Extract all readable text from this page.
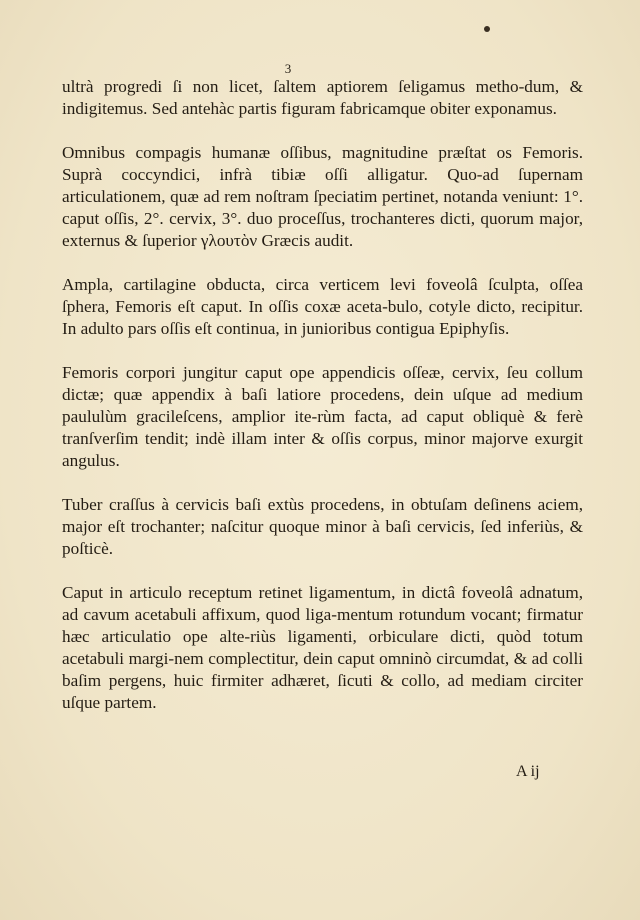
3

ultrà progredi ſi non licet, ſaltem aptiorem ſeligamus metho-dum, & indigitemus. Sed antehàc partis figuram fabricamque obiter exponamus.

Omnibus compagis humanæ oſſibus, magnitudine præſtat os Femoris. Suprà coccyndici, infrà tibiæ oſſi alligatur. Quo-ad ſupernam articulationem, quæ ad rem noſtram ſpeciatim pertinet, notanda veniunt: 1°. caput oſſis, 2°. cervix, 3°. duo proceſſus, trochanteres dicti, quorum major, externus & ſuperior γλουτὸν Græcis audit.

Ampla, cartilagine obducta, circa verticem levi foveolâ ſculpta, oſſea ſphera, Femoris eſt caput. In oſſis coxæ aceta-bulo, cotyle dicto, recipitur. In adulto pars oſſis eſt continua, in junioribus contigua Epiphyſis.

Femoris corpori jungitur caput ope appendicis oſſeæ, cervix, ſeu collum dictæ; quæ appendix à baſi latiore procedens, dein uſque ad medium paululùm gracileſcens, amplior ite-rùm facta, ad caput obliquè & ferè tranſverſim tendit; indè illam inter & oſſis corpus, minor majorve exurgit angulus.

Tuber craſſus à cervicis baſi extùs procedens, in obtuſam deſinens aciem, major eſt trochanter; naſcitur quoque minor à baſi cervicis, ſed inferiùs, & poſticè.

Caput in articulo receptum retinet ligamentum, in dictâ foveolâ adnatum, ad cavum acetabuli affixum, quod liga-mentum rotundum vocant; firmatur hæc articulatio ope alte-riùs ligamenti, orbiculare dicti, quòd totum acetabuli margi-nem complectitur, dein caput omninò circumdat, & ad colli baſim pergens, huic firmiter adhæret, ſicuti & collo, ad mediam circiter uſque partem.

A ij
